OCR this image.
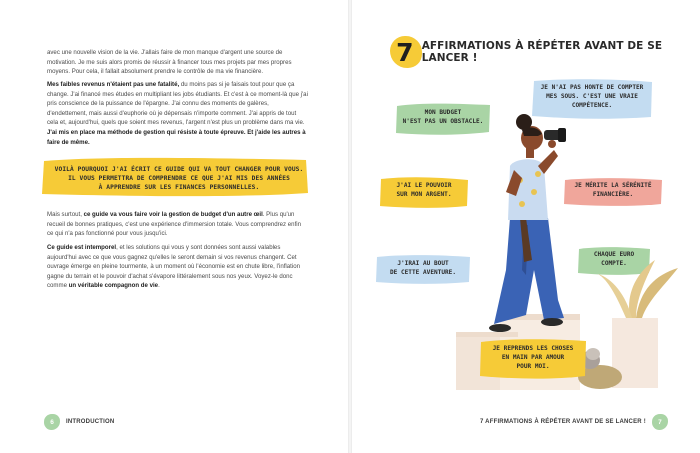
avec une nouvelle vision de la vie. J'allais faire de mon manque d'argent une source de motivation. Je me suis alors promis de réussir à financer tous mes projets par mes propres moyens. Pour cela, il fallait absolument prendre le contrôle de ma vie financière.

Mes faibles revenus n'étaient pas une fatalité, du moins pas si je faisais tout pour que ça change. J'ai financé mes études en multipliant les jobs étudiants. Et c'est à ce moment-là que j'ai pris conscience de la puissance de l'épargne. J'ai connu des moments de galères, d'endettement, mais aussi d'euphorie où je dépensais n'importe comment. J'ai appris de tout cela et, aujourd'hui, quels que soient mes revenus, l'argent n'est plus un problème dans ma vie. J'ai mis en place ma méthode de gestion qui résiste à toute épreuve. Et j'aide les autres à faire de même.

VOILÀ POURQUOI J'AI ÉCRIT CE GUIDE QUI VA TOUT CHANGER POUR VOUS.
IL VOUS PERMETTRA DE COMPRENDRE CE QUE J'AI MIS DES ANNÉES
À APPRENDRE SUR LES FINANCES PERSONNELLES.

Mais surtout, ce guide va vous faire voir la gestion de budget d'un autre œil. Plus qu'un recueil de bonnes pratiques, c'est une expérience d'immersion totale. Vous comprendrez enfin ce qui n'a pas fonctionné pour vous jusqu'ici.

Ce guide est intemporel, et les solutions qui vous y sont données sont aussi valables aujourd'hui avec ce que vous gagnez qu'elles le seront demain si vos revenus changent. Cet ouvrage émerge en pleine tourmente, à un moment où l'économie est en chute libre, l'inflation gagne du terrain et le pouvoir d'achat s'évapore littéralement sous nos yeux. Voyez-le donc comme un véritable compagnon de vie.

6 INTRODUCTION
7 AFFIRMATIONS À RÉPÉTER AVANT DE SE LANCER !
MON BUDGET
N'EST PAS UN OBSTACLE.
JE N'AI PAS HONTE DE COMPTER
MES SOUS. C'EST UNE VRAIE
COMPÉTENCE.
J'AI LE POUVOIR
SUR MON ARGENT.
JE MÉRITE LA SÉRÉNITÉ
FINANCIÈRE.
J'IRAI AU BOUT
DE CETTE AVENTURE.
CHAQUE EURO
COMPTE.
JE REPRENDS LES CHOSES
EN MAIN PAR AMOUR
POUR MOI.
7 AFFIRMATIONS À RÉPÉTER AVANT DE SE LANCER ! 7
